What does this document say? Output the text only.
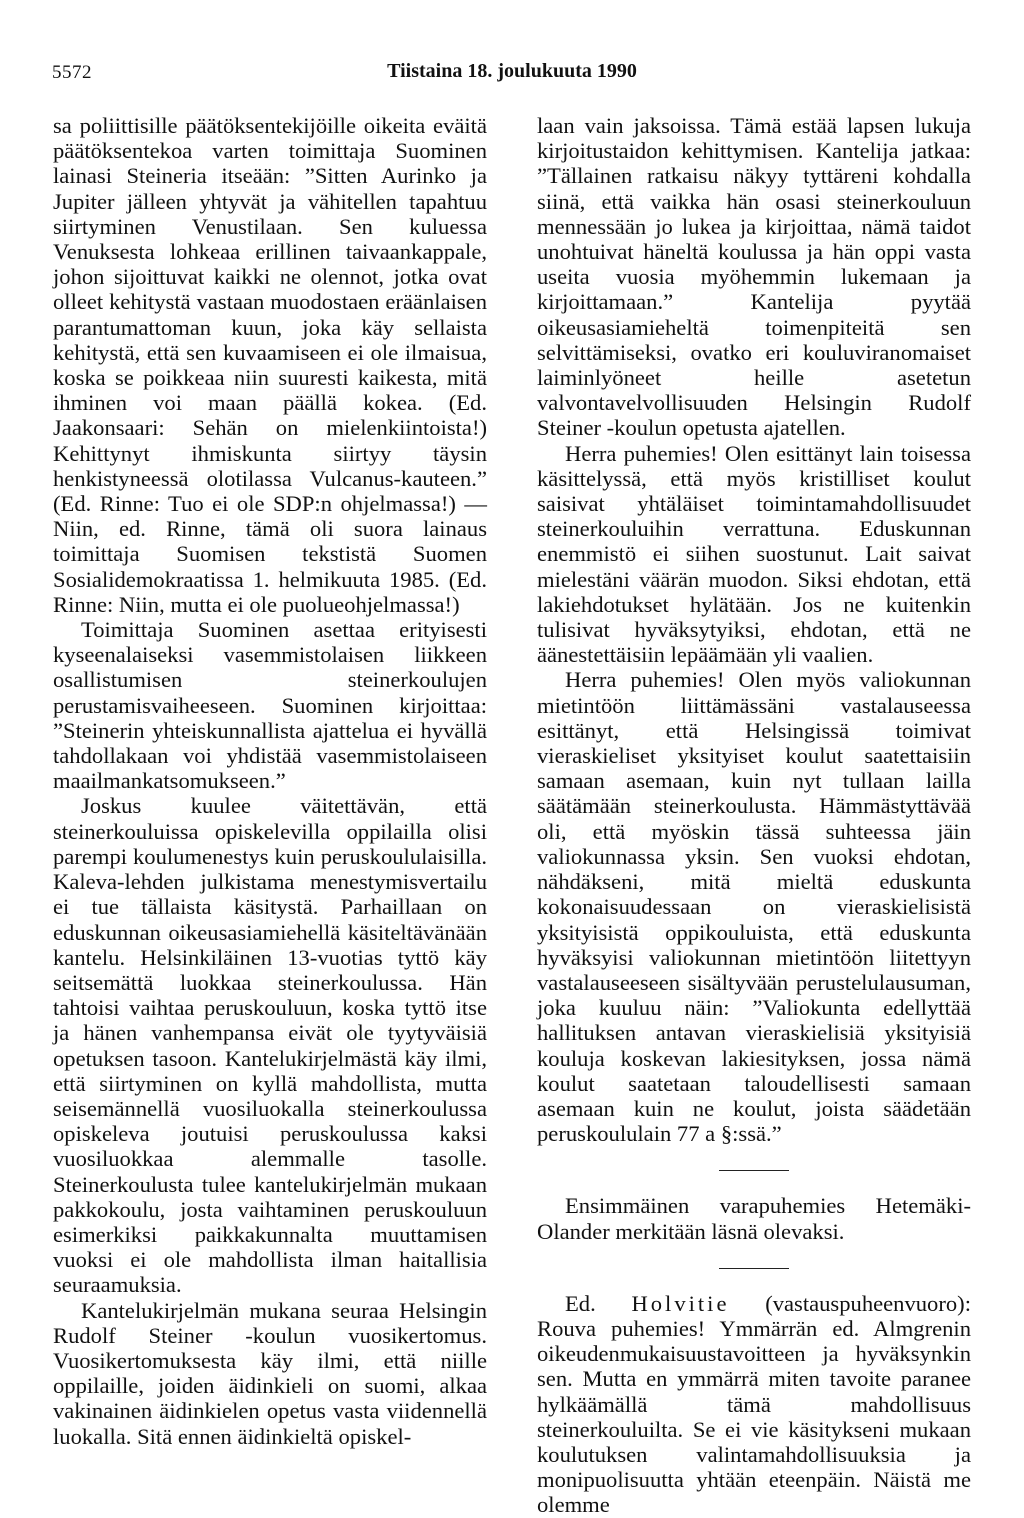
5572	Tiistaina 18. joulukuuta 1990

sa poliittisille päätöksentekijöille oikeita eväitä päätöksentekoa varten toimittaja Suominen lainasi Steineria itseään: ”Sitten Aurinko ja Jupiter jälleen yhtyvät ja vähitellen tapahtuu siirtyminen Venustilaan. Sen kuluessa Venuksesta lohkeaa erillinen taivaankappale, johon sijoittuvat kaikki ne olennot, jotka ovat olleet kehitystä vastaan muodostaen eräänlaisen parantumattoman kuun, joka käy sellaista kehitystä, että sen kuvaamiseen ei ole ilmaisua, koska se poikkeaa niin suuresti kaikesta, mitä ihminen voi maan päällä kokea. (Ed. Jaakonsaari: Sehän on mielenkiintoista!) Kehittynyt ihmiskunta siirtyy täysin henkistyneessä olotilassa Vulcanus-kauteen.” (Ed. Rinne: Tuo ei ole SDP:n ohjelmassa!) — Niin, ed. Rinne, tämä oli suora lainaus toimittaja Suomisen tekstistä Suomen Sosialidemokraatissa 1. helmikuuta 1985. (Ed. Rinne: Niin, mutta ei ole puolueohjelmassa!)

Toimittaja Suominen asettaa erityisesti kyseenalaiseksi vasemmistolaisen liikkeen osallistumisen steinerkoulujen perustamisvaiheeseen. Suominen kirjoittaa: ”Steinerin yhteiskunnallista ajattelua ei hyvällä tahdollakaan voi yhdistää vasemmistolaiseen maailmankatsomukseen.”

Joskus kuulee väitettävän, että steinerkouluissa opiskelevilla oppilailla olisi parempi koulumenestys kuin peruskoululaisilla. Kaleva-lehden julkistama menestymisvertailu ei tue tällaista käsitystä. Parhaillaan on eduskunnan oikeusasiamiehellä käsiteltävänään kantelu. Helsinkiläinen 13-vuotias tyttö käy seitsemättä luokkaa steinerkoulussa. Hän tahtoisi vaihtaa peruskouluun, koska tyttö itse ja hänen vanhempansa eivät ole tyytyväisiä opetuksen tasoon. Kantelukirjelmästä käy ilmi, että siirtyminen on kyllä mahdollista, mutta seisemännellä vuosiluokalla steinerkoulussa opiskeleva joutuisi peruskoulussa kaksi vuosiluokkaa alemmalle tasolle. Steinerkoulusta tulee kantelukirjelmän mukaan pakkokoulu, josta vaihtaminen peruskouluun esimerkiksi paikkakunnalta muuttamisen vuoksi ei ole mahdollista ilman haitallisia seuraamuksia.

Kantelukirjelmän mukana seuraa Helsingin Rudolf Steiner -koulun vuosikertomus. Vuosikertomuksesta käy ilmi, että niille oppilaille, joiden äidinkieli on suomi, alkaa vakinainen äidinkielen opetus vasta viidennellä luokalla. Sitä ennen äidinkieltä opiskel-

laan vain jaksoissa. Tämä estää lapsen lukuja kirjoitustaidon kehittymisen. Kantelija jatkaa: ”Tällainen ratkaisu näkyy tyttäreni kohdalla siinä, että vaikka hän osasi steinerkouluun mennessään jo lukea ja kirjoittaa, nämä taidot unohtuivat häneltä koulussa ja hän oppi vasta useita vuosia myöhemmin lukemaan ja kirjoittamaan.” Kantelija pyytää oikeusasiamieheltä toimenpiteitä sen selvittämiseksi, ovatko eri kouluviranomaiset laiminlyöneet heille asetetun valvontavelvollisuuden Helsingin Rudolf Steiner -koulun opetusta ajatellen.

Herra puhemies! Olen esittänyt lain toisessa käsittelyssä, että myös kristilliset koulut saisivat yhtäläiset toimintamahdollisuudet steinerkouluihin verrattuna. Eduskunnan enemmistö ei siihen suostunut. Lait saivat mielestäni väärän muodon. Siksi ehdotan, että lakiehdotukset hylätään. Jos ne kuitenkin tulisivat hyväksytyiksi, ehdotan, että ne äänestettäisiin lepäämään yli vaalien.

Herra puhemies! Olen myös valiokunnan mietintöön liittämässäni vastalauseessa esittänyt, että Helsingissä toimivat vieraskieliset yksityiset koulut saatettaisiin samaan asemaan, kuin nyt tullaan lailla säätämään steinerkoulusta. Hämmästyttävää oli, että myöskin tässä suhteessa jäin valiokunnassa yksin. Sen vuoksi ehdotan, nähdäkseni, mitä mieltä eduskunta kokonaisuudessaan on vieraskielisistä yksityisistä oppikouluista, että eduskunta hyväksyisi valiokunnan mietintöön liitettyyn vastalauseeseen sisältyvään perustelulausuman, joka kuuluu näin: ”Valiokunta edellyttää hallituksen antavan vieraskielisiä yksityisiä kouluja koskevan lakiesityksen, jossa nämä koulut saatetaan taloudellisesti samaan asemaan kuin ne koulut, joista säädetään peruskoululain 77 a §:ssä.”

Ensimmäinen varapuhemies Hetemäki-Olander merkitään läsnä olevaksi.

Ed. Holvitie (vastauspuheenvuoro): Rouva puhemies! Ymmärrän ed. Almgrenin oikeudenmukaisuustavoitteen ja hyväksynkin sen. Mutta en ymmärrä miten tavoite paranee hylkäämällä tämä mahdollisuus steinerkouluilta. Se ei vie käsitykseni mukaan koulutuksen valintamahdollisuuksia ja monipuolisuutta yhtään eteenpäin. Näistä me olemme
